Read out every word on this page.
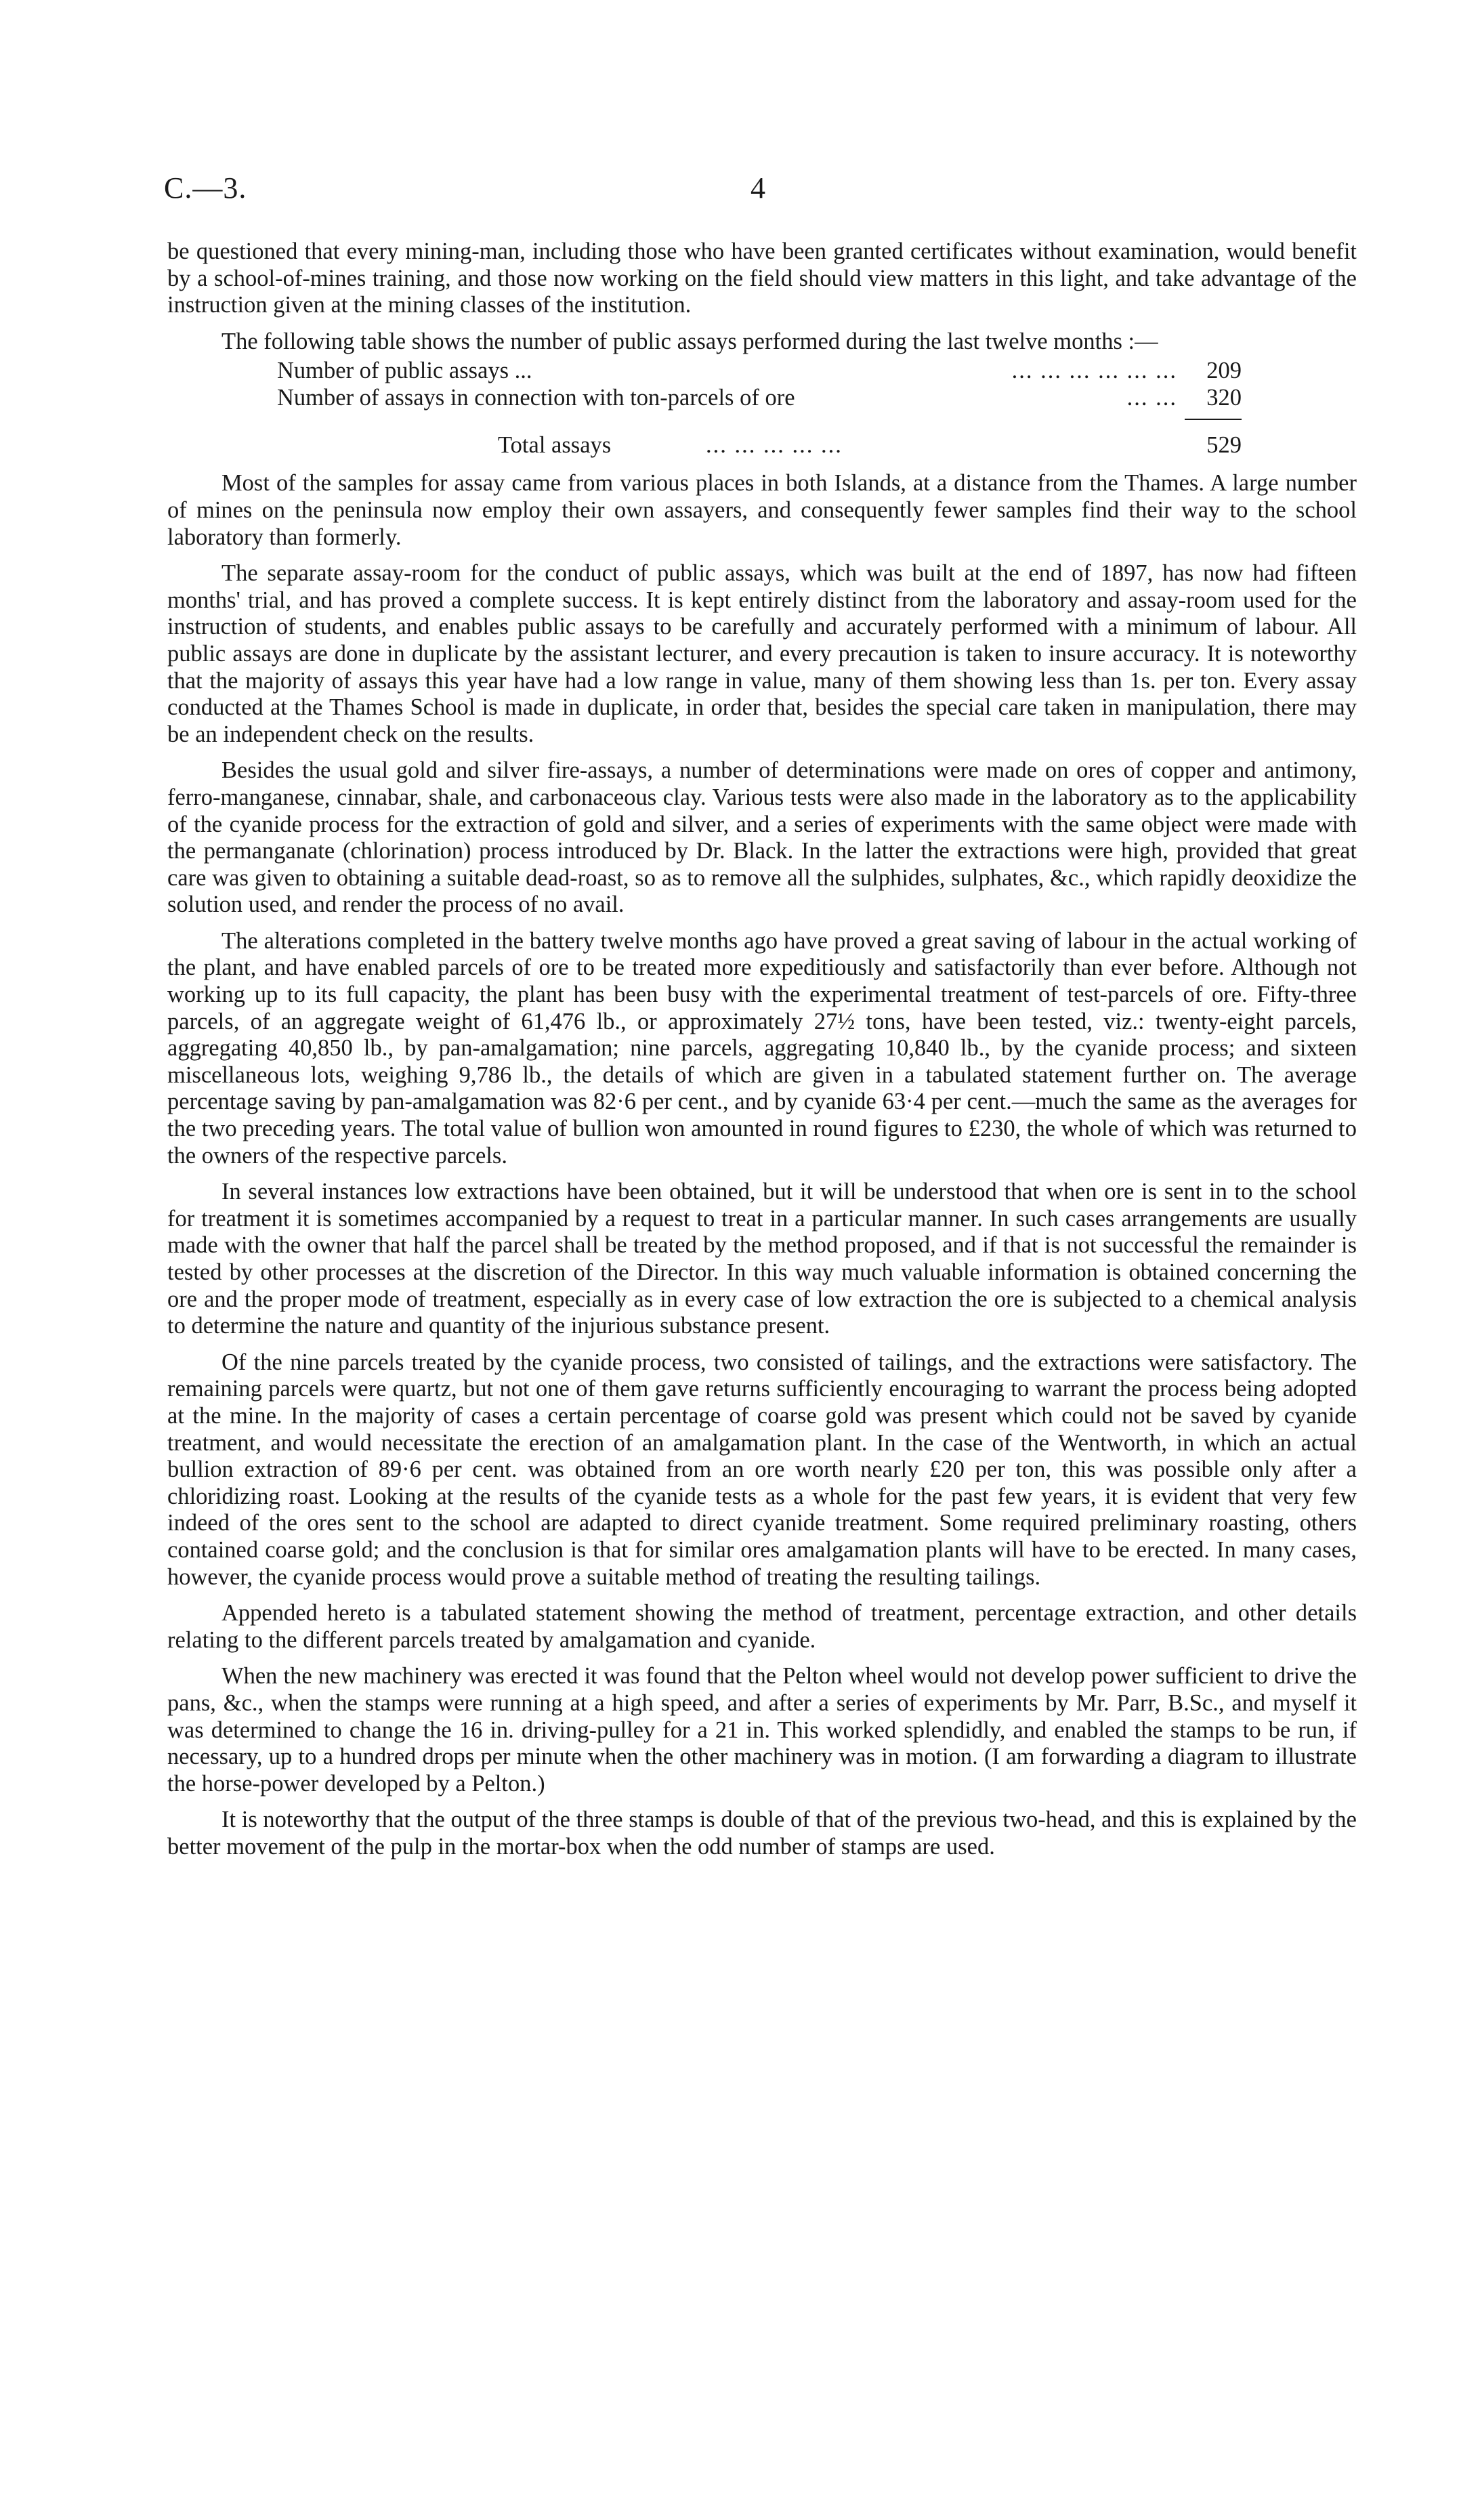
C.—3.	4

be questioned that every mining-man, including those who have been granted certificates without examination, would benefit by a school-of-mines training, and those now working on the field should view matters in this light, and take advantage of the instruction given at the mining classes of the institution.

The following table shows the number of public assays performed during the last twelve months :—

Number of public assays ...	... ... ... ... ... ... 209
Number of assays in connection with ton-parcels of ore	... ... 320
Total assays	... ... ... ... ...	529

Most of the samples for assay came from various places in both Islands, at a distance from the Thames. A large number of mines on the peninsula now employ their own assayers, and consequently fewer samples find their way to the school laboratory than formerly.

The separate assay-room for the conduct of public assays, which was built at the end of 1897, has now had fifteen months' trial, and has proved a complete success. It is kept entirely distinct from the laboratory and assay-room used for the instruction of students, and enables public assays to be carefully and accurately performed with a minimum of labour. All public assays are done in duplicate by the assistant lecturer, and every precaution is taken to insure accuracy. It is noteworthy that the majority of assays this year have had a low range in value, many of them showing less than 1s. per ton. Every assay conducted at the Thames School is made in duplicate, in order that, besides the special care taken in manipulation, there may be an independent check on the results.

Besides the usual gold and silver fire-assays, a number of determinations were made on ores of copper and antimony, ferro-manganese, cinnabar, shale, and carbonaceous clay. Various tests were also made in the laboratory as to the applicability of the cyanide process for the extraction of gold and silver, and a series of experiments with the same object were made with the permanganate (chlorination) process introduced by Dr. Black. In the latter the extractions were high, provided that great care was given to obtaining a suitable dead-roast, so as to remove all the sulphides, sulphates, &c., which rapidly deoxidize the solution used, and render the process of no avail.

The alterations completed in the battery twelve months ago have proved a great saving of labour in the actual working of the plant, and have enabled parcels of ore to be treated more expeditiously and satisfactorily than ever before. Although not working up to its full capacity, the plant has been busy with the experimental treatment of test-parcels of ore. Fifty-three parcels, of an aggregate weight of 61,476 lb., or approximately 27½ tons, have been tested, viz.: twenty-eight parcels, aggregating 40,850 lb., by pan-amalgamation; nine parcels, aggregating 10,840 lb., by the cyanide process; and sixteen miscellaneous lots, weighing 9,786 lb., the details of which are given in a tabulated statement further on. The average percentage saving by pan-amalgamation was 82·6 per cent., and by cyanide 63·4 per cent.—much the same as the averages for the two preceding years. The total value of bullion won amounted in round figures to £230, the whole of which was returned to the owners of the respective parcels.

In several instances low extractions have been obtained, but it will be understood that when ore is sent in to the school for treatment it is sometimes accompanied by a request to treat in a particular manner. In such cases arrangements are usually made with the owner that half the parcel shall be treated by the method proposed, and if that is not successful the remainder is tested by other processes at the discretion of the Director. In this way much valuable information is obtained concerning the ore and the proper mode of treatment, especially as in every case of low extraction the ore is subjected to a chemical analysis to determine the nature and quantity of the injurious substance present.

Of the nine parcels treated by the cyanide process, two consisted of tailings, and the extractions were satisfactory. The remaining parcels were quartz, but not one of them gave returns sufficiently encouraging to warrant the process being adopted at the mine. In the majority of cases a certain percentage of coarse gold was present which could not be saved by cyanide treatment, and would necessitate the erection of an amalgamation plant. In the case of the Wentworth, in which an actual bullion extraction of 89·6 per cent. was obtained from an ore worth nearly £20 per ton, this was possible only after a chloridizing roast. Looking at the results of the cyanide tests as a whole for the past few years, it is evident that very few indeed of the ores sent to the school are adapted to direct cyanide treatment. Some required preliminary roasting, others contained coarse gold; and the conclusion is that for similar ores amalgamation plants will have to be erected. In many cases, however, the cyanide process would prove a suitable method of treating the resulting tailings.

Appended hereto is a tabulated statement showing the method of treatment, percentage extraction, and other details relating to the different parcels treated by amalgamation and cyanide.

When the new machinery was erected it was found that the Pelton wheel would not develop power sufficient to drive the pans, &c., when the stamps were running at a high speed, and after a series of experiments by Mr. Parr, B.Sc., and myself it was determined to change the 16 in. driving-pulley for a 21 in. This worked splendidly, and enabled the stamps to be run, if necessary, up to a hundred drops per minute when the other machinery was in motion. (I am forwarding a diagram to illustrate the horse-power developed by a Pelton.)

It is noteworthy that the output of the three stamps is double of that of the previous two-head, and this is explained by the better movement of the pulp in the mortar-box when the odd number of stamps are used.
